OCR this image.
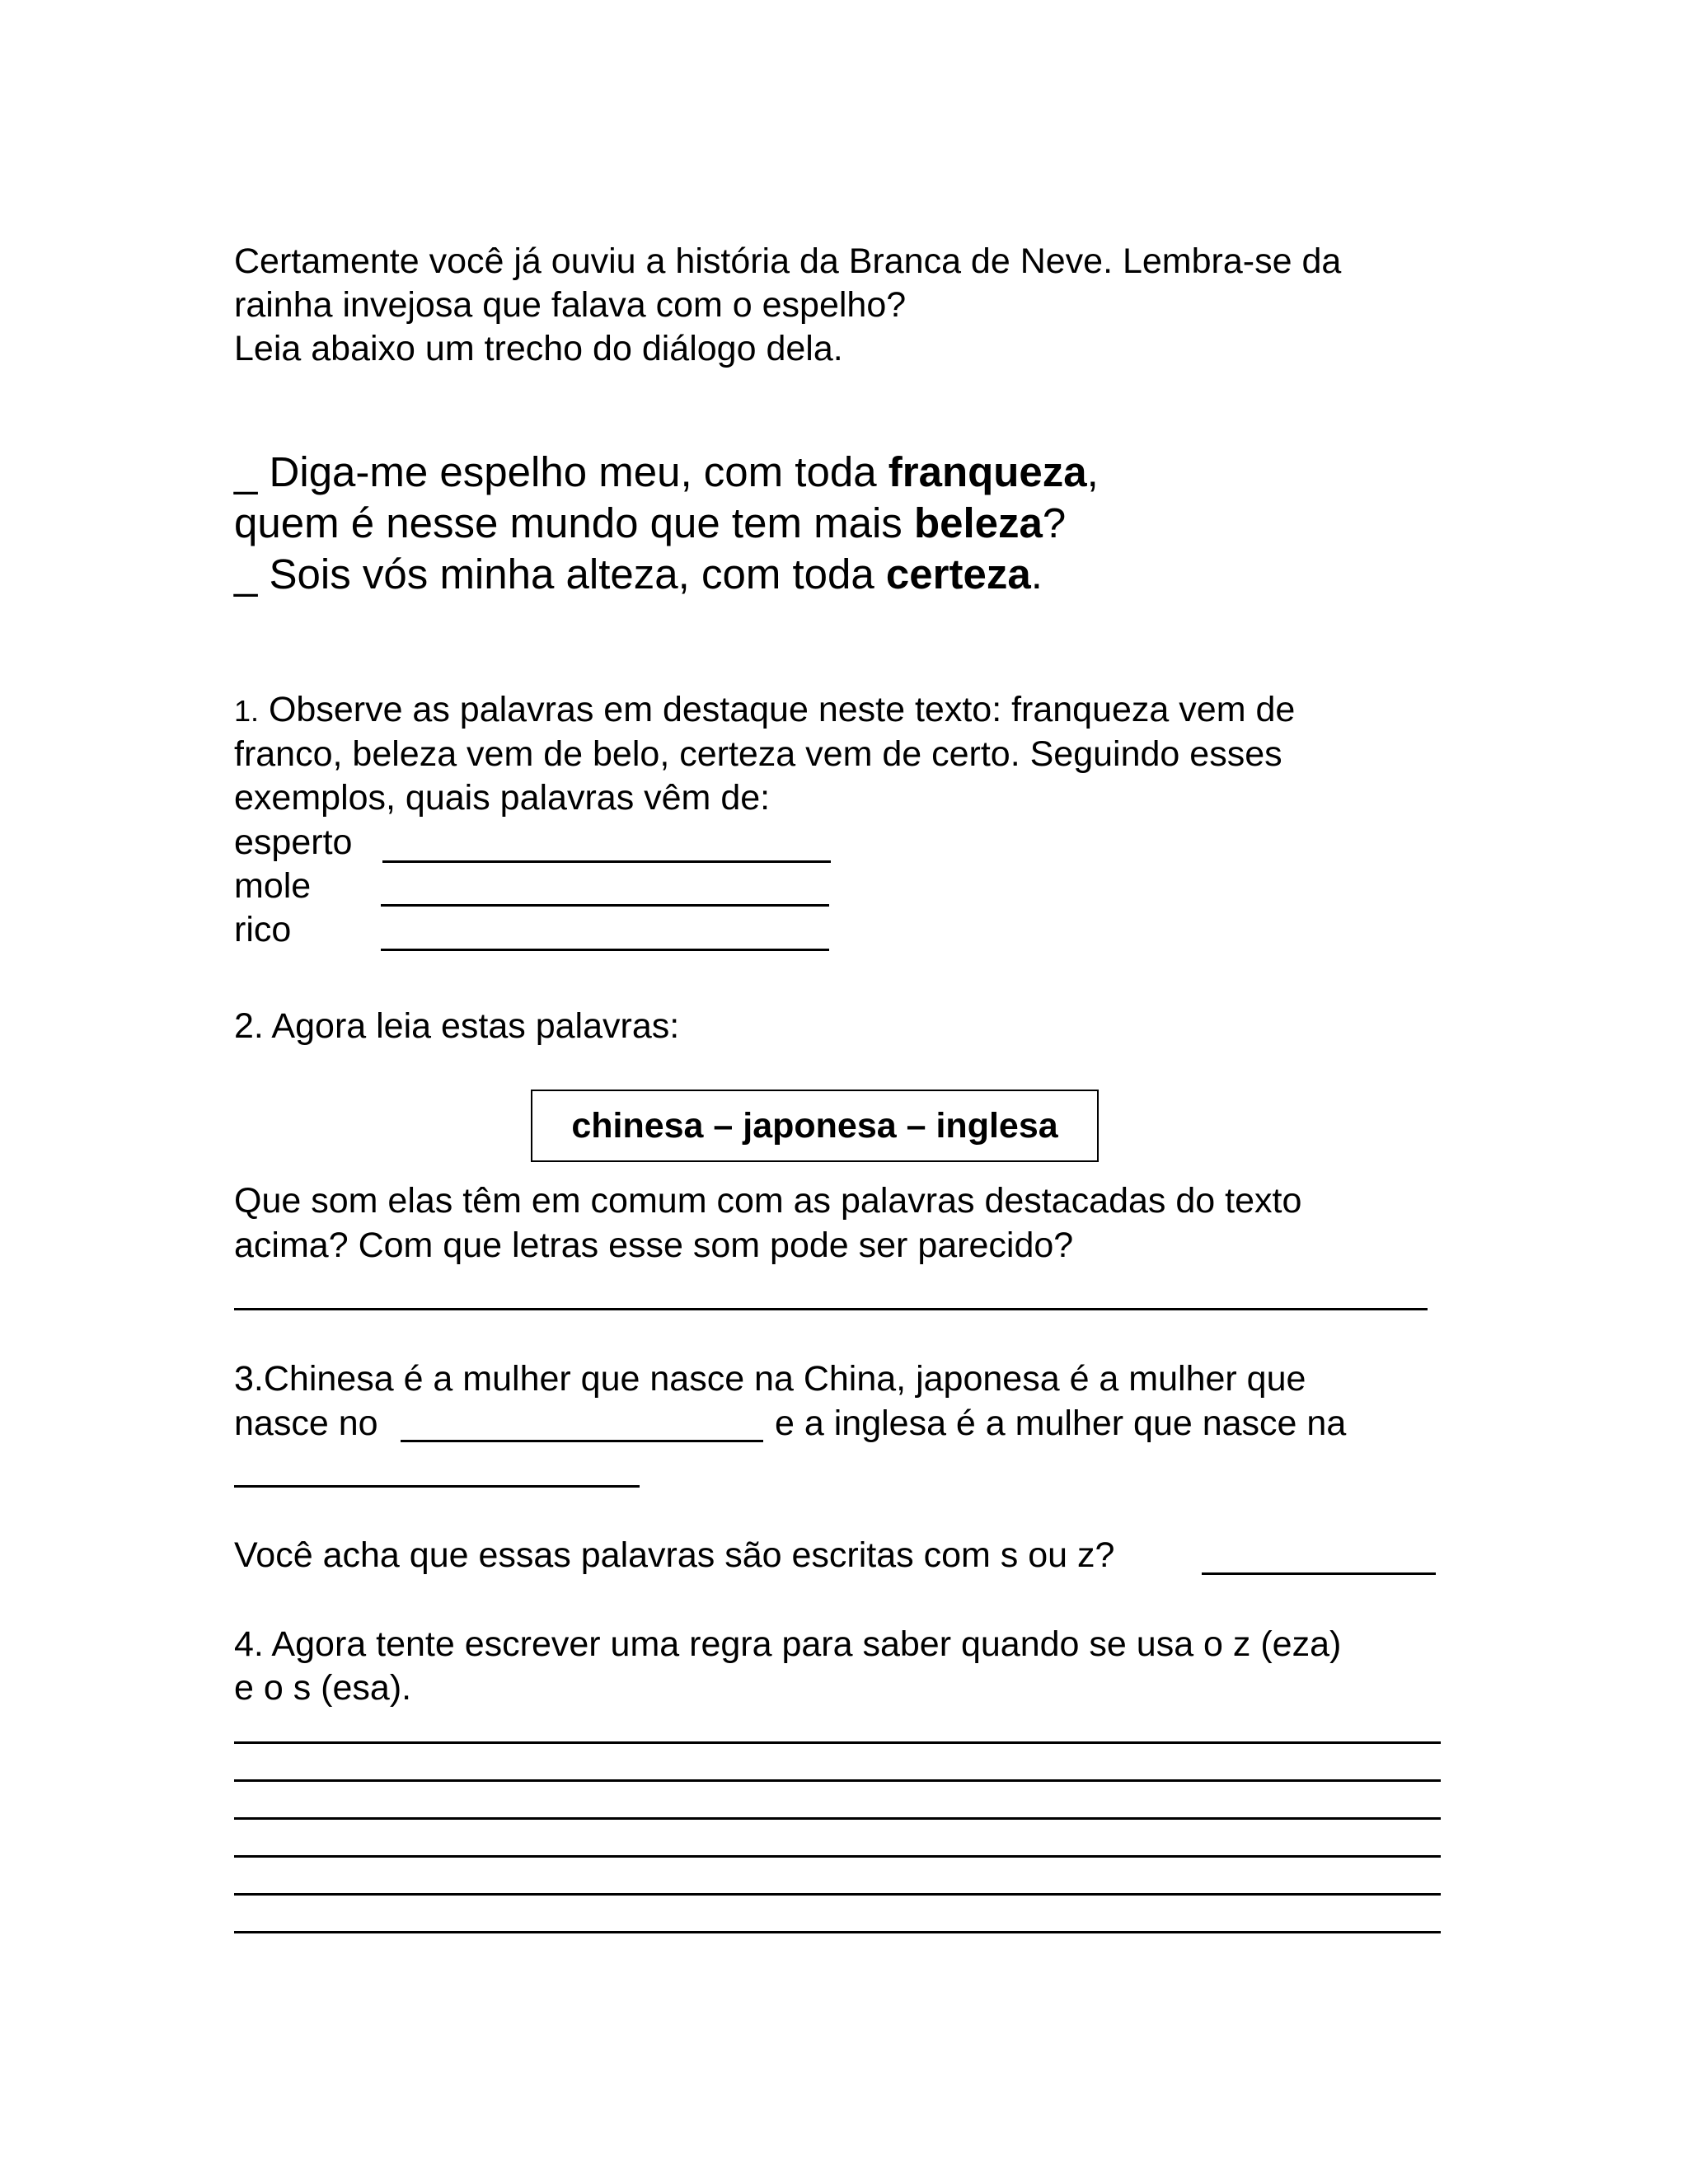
Certamente você já ouviu a história da Branca de Neve. Lembra-se da
rainha invejosa que falava com o espelho?
Leia abaixo um trecho do diálogo dela.
_ Diga-me espelho meu, com toda franqueza,
quem é nesse mundo que tem mais beleza?
_ Sois vós minha alteza, com toda certeza.
1. Observe as palavras em destaque neste texto: franqueza vem de
franco, beleza vem de belo, certeza vem de certo. Seguindo esses
exemplos, quais palavras vêm de:
esperto
mole
rico
2. Agora leia estas palavras:
chinesa – japonesa – inglesa
Que som elas têm em comum com as palavras destacadas do texto
acima? Com que letras esse som pode ser parecido?
3.Chinesa é a mulher que nasce na China, japonesa é a mulher que
nasce no	e a inglesa é a mulher que nasce na
Você acha que essas palavras são escritas com s ou z?
4. Agora tente escrever uma regra para saber quando se usa o z (eza)
e o s (esa).
